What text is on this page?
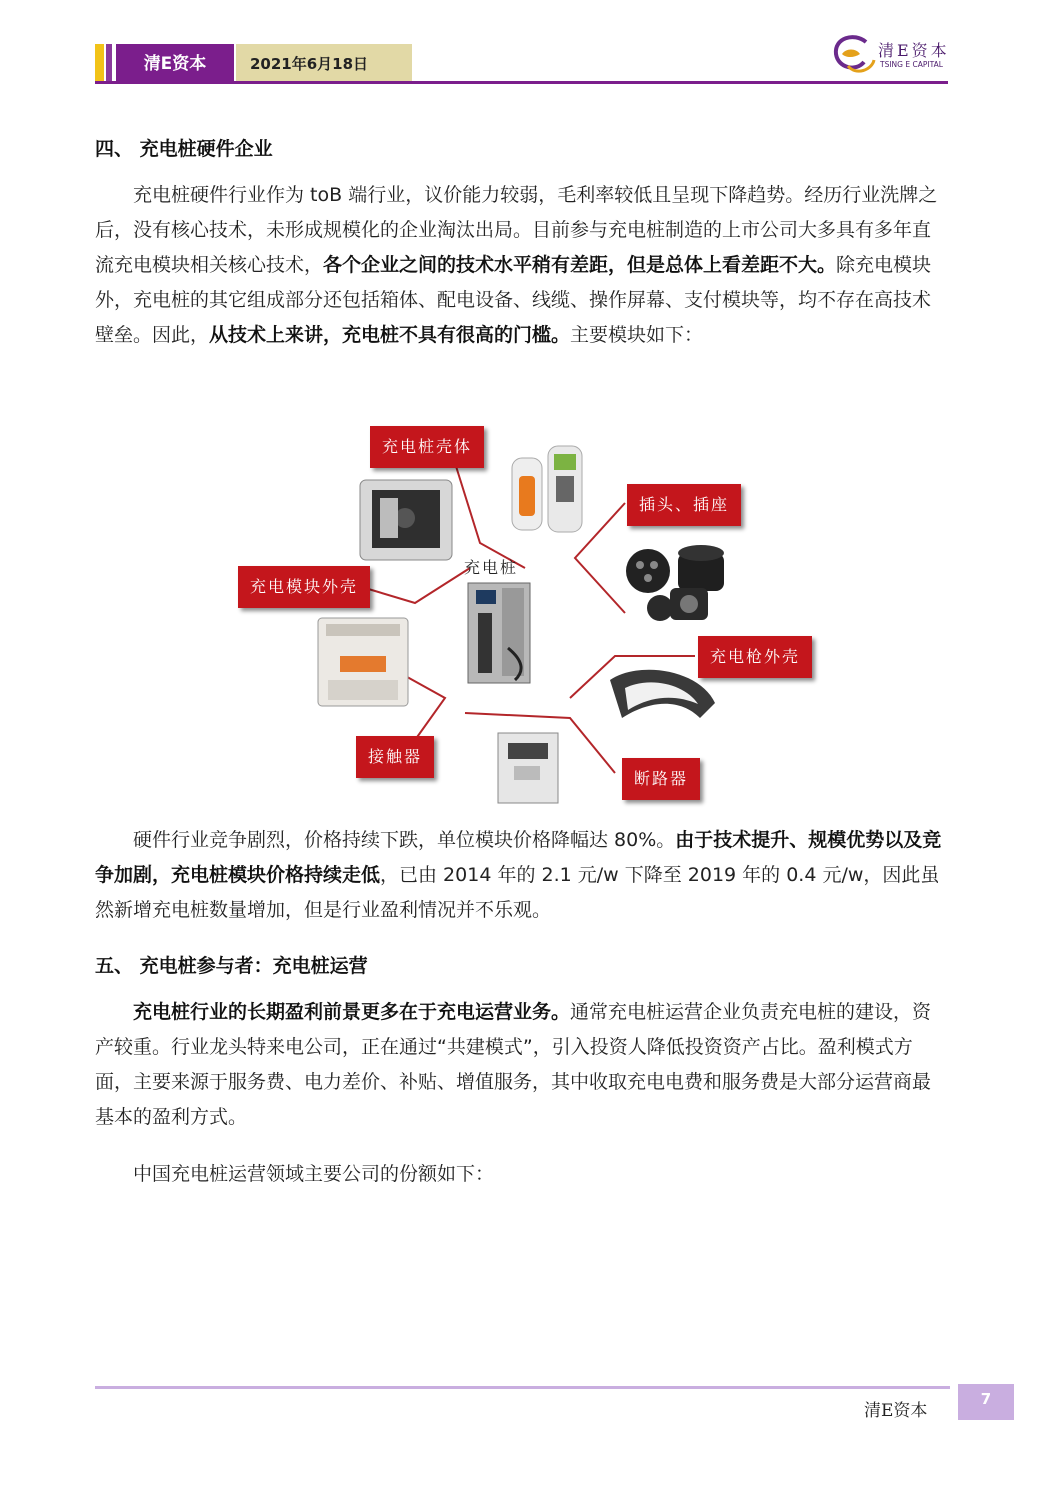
清E资本	2021年6月18日
清E资本
TSING E CAPITAL
四、 充电桩硬件企业

充电桩硬件行业作为 toB 端行业，议价能力较弱，毛利率较低且呈现下降趋势。经历行业洗牌之后，没有核心技术，未形成规模化的企业淘汰出局。目前参与充电桩制造的上市公司大多具有多年直流充电模块相关核心技术，各个企业之间的技术水平稍有差距，但是总体上看差距不大。除充电模块外，充电桩的其它组成部分还包括箱体、配电设备、线缆、操作屏幕、支付模块等，均不存在高技术壁垒。因此，从技术上来讲，充电桩不具有很高的门槛。主要模块如下：

充电桩
充电桩壳体
插头、插座
充电模块外壳
充电枪外壳
接触器
断路器

硬件行业竞争剧烈，价格持续下跌，单位模块价格降幅达 80%。由于技术提升、规模优势以及竞争加剧，充电桩模块价格持续走低，已由 2014 年的 2.1 元/w 下降至 2019 年的 0.4 元/w，因此虽然新增充电桩数量增加，但是行业盈利情况并不乐观。

五、 充电桩参与者：充电桩运营

充电桩行业的长期盈利前景更多在于充电运营业务。通常充电桩运营企业负责充电桩的建设，资产较重。行业龙头特来电公司，正在通过“共建模式”，引入投资人降低投资资产占比。盈利模式方面，主要来源于服务费、电力差价、补贴、增值服务，其中收取充电电费和服务费是大部分运营商最基本的盈利方式。

中国充电桩运营领域主要公司的份额如下：

清E资本
7
